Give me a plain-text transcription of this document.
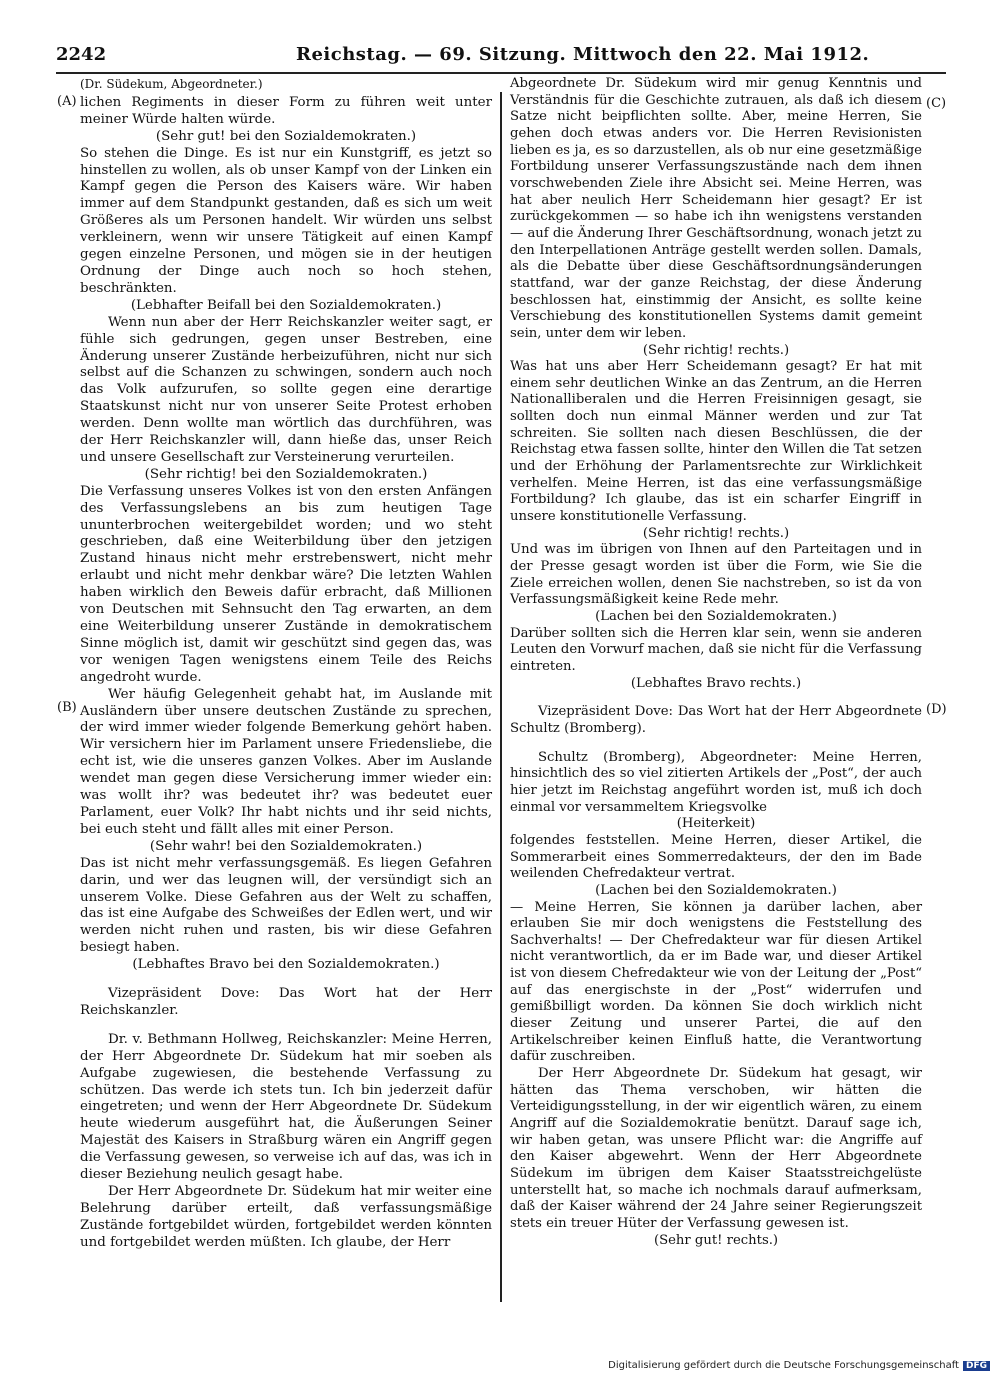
2242	Reichstag. — 69. Sitzung. Mittwoch den 22. Mai 1912.
(A)
(B)
(C)
(D)

(Dr. Südekum, Abgeordneter.)

lichen Regiments in dieser Form zu führen weit unter meiner Würde halten würde.

(Sehr gut! bei den Sozialdemokraten.)

So stehen die Dinge. Es ist nur ein Kunstgriff, es jetzt so hinstellen zu wollen, als ob unser Kampf von der Linken ein Kampf gegen die Person des Kaisers wäre. Wir haben immer auf dem Standpunkt gestanden, daß es sich um weit Größeres als um Personen handelt. Wir würden uns selbst verkleinern, wenn wir unsere Tätigkeit auf einen Kampf gegen einzelne Personen, und mögen sie in der heutigen Ordnung der Dinge auch noch so hoch stehen, beschränkten.

(Lebhafter Beifall bei den Sozialdemokraten.)

Wenn nun aber der Herr Reichskanzler weiter sagt, er fühle sich gedrungen, gegen unser Bestreben, eine Änderung unserer Zustände herbeizuführen, nicht nur sich selbst auf die Schanzen zu schwingen, sondern auch noch das Volk aufzurufen, so sollte gegen eine derartige Staatskunst nicht nur von unserer Seite Protest erhoben werden. Denn wollte man wörtlich das durchführen, was der Herr Reichskanzler will, dann hieße das, unser Reich und unsere Gesellschaft zur Versteinerung verurteilen.

(Sehr richtig! bei den Sozialdemokraten.)

Die Verfassung unseres Volkes ist von den ersten Anfängen des Verfassungslebens an bis zum heutigen Tage ununterbrochen weitergebildet worden; und wo steht geschrieben, daß eine Weiterbildung über den jetzigen Zustand hinaus nicht mehr erstrebenswert, nicht mehr erlaubt und nicht mehr denkbar wäre? Die letzten Wahlen haben wirklich den Beweis dafür erbracht, daß Millionen von Deutschen mit Sehnsucht den Tag erwarten, an dem eine Weiterbildung unserer Zustände in demokratischem Sinne möglich ist, damit wir geschützt sind gegen das, was vor wenigen Tagen wenigstens einem Teile des Reichs angedroht wurde.

Wer häufig Gelegenheit gehabt hat, im Auslande mit Ausländern über unsere deutschen Zustände zu sprechen, der wird immer wieder folgende Bemerkung gehört haben. Wir versichern hier im Parlament unsere Friedensliebe, die echt ist, wie die unseres ganzen Volkes. Aber im Auslande wendet man gegen diese Versicherung immer wieder ein: was wollt ihr? was bedeutet ihr? was bedeutet euer Parlament, euer Volk? Ihr habt nichts und ihr seid nichts, bei euch steht und fällt alles mit einer Person.

(Sehr wahr! bei den Sozialdemokraten.)

Das ist nicht mehr verfassungsgemäß. Es liegen Gefahren darin, und wer das leugnen will, der versündigt sich an unserem Volke. Diese Gefahren aus der Welt zu schaffen, das ist eine Aufgabe des Schweißes der Edlen wert, und wir werden nicht ruhen und rasten, bis wir diese Gefahren besiegt haben.

(Lebhaftes Bravo bei den Sozialdemokraten.)

Vizepräsident Dove: Das Wort hat der Herr Reichskanzler.

Dr. v. Bethmann Hollweg, Reichskanzler: Meine Herren, der Herr Abgeordnete Dr. Südekum hat mir soeben als Aufgabe zugewiesen, die bestehende Verfassung zu schützen. Das werde ich stets tun. Ich bin jederzeit dafür eingetreten; und wenn der Herr Abgeordnete Dr. Südekum heute wiederum ausgeführt hat, die Äußerungen Seiner Majestät des Kaisers in Straßburg wären ein Angriff gegen die Verfassung gewesen, so verweise ich auf das, was ich in dieser Beziehung neulich gesagt habe.

Der Herr Abgeordnete Dr. Südekum hat mir weiter eine Belehrung darüber erteilt, daß verfassungsmäßige Zustände fortgebildet würden, fortgebildet werden könnten und fortgebildet werden müßten. Ich glaube, der Herr

Abgeordnete Dr. Südekum wird mir genug Kenntnis und Verständnis für die Geschichte zutrauen, als daß ich diesem Satze nicht beipflichten sollte. Aber, meine Herren, Sie gehen doch etwas anders vor. Die Herren Revisionisten lieben es ja, es so darzustellen, als ob nur eine gesetzmäßige Fortbildung unserer Verfassungszustände nach dem ihnen vorschwebenden Ziele ihre Absicht sei. Meine Herren, was hat aber neulich Herr Scheidemann hier gesagt? Er ist zurückgekommen — so habe ich ihn wenigstens verstanden — auf die Änderung Ihrer Geschäftsordnung, wonach jetzt zu den Interpellationen Anträge gestellt werden sollen. Damals, als die Debatte über diese Geschäftsordnungsänderungen stattfand, war der ganze Reichstag, der diese Änderung beschlossen hat, einstimmig der Ansicht, es sollte keine Verschiebung des konstitutionellen Systems damit gemeint sein, unter dem wir leben.

(Sehr richtig! rechts.)

Was hat uns aber Herr Scheidemann gesagt? Er hat mit einem sehr deutlichen Winke an das Zentrum, an die Herren Nationalliberalen und die Herren Freisinnigen gesagt, sie sollten doch nun einmal Männer werden und zur Tat schreiten. Sie sollten nach diesen Beschlüssen, die der Reichstag etwa fassen sollte, hinter den Willen die Tat setzen und der Erhöhung der Parlamentsrechte zur Wirklichkeit verhelfen. Meine Herren, ist das eine verfassungsmäßige Fortbildung? Ich glaube, das ist ein scharfer Eingriff in unsere konstitutionelle Verfassung.

(Sehr richtig! rechts.)

Und was im übrigen von Ihnen auf den Parteitagen und in der Presse gesagt worden ist über die Form, wie Sie die Ziele erreichen wollen, denen Sie nachstreben, so ist da von Verfassungsmäßigkeit keine Rede mehr.

(Lachen bei den Sozialdemokraten.)

Darüber sollten sich die Herren klar sein, wenn sie anderen Leuten den Vorwurf machen, daß sie nicht für die Verfassung eintreten.

(Lebhaftes Bravo rechts.)

Vizepräsident Dove: Das Wort hat der Herr Abgeordnete Schultz (Bromberg).

Schultz (Bromberg), Abgeordneter: Meine Herren, hinsichtlich des so viel zitierten Artikels der „Post“, der auch hier jetzt im Reichstag angeführt worden ist, muß ich doch einmal vor versammeltem Kriegsvolke

(Heiterkeit)

folgendes feststellen. Meine Herren, dieser Artikel, die Sommerarbeit eines Sommerredakteurs, der den im Bade weilenden Chefredakteur vertrat.

(Lachen bei den Sozialdemokraten.)

— Meine Herren, Sie können ja darüber lachen, aber erlauben Sie mir doch wenigstens die Feststellung des Sachverhalts! — Der Chefredakteur war für diesen Artikel nicht verantwortlich, da er im Bade war, und dieser Artikel ist von diesem Chefredakteur wie von der Leitung der „Post“ auf das energischste in der „Post“ widerrufen und gemißbilligt worden. Da können Sie doch wirklich nicht dieser Zeitung und unserer Partei, die auf den Artikelschreiber keinen Einfluß hatte, die Verantwortung dafür zuschreiben.

Der Herr Abgeordnete Dr. Südekum hat gesagt, wir hätten das Thema verschoben, wir hätten die Verteidigungsstellung, in der wir eigentlich wären, zu einem Angriff auf die Sozialdemokratie benützt. Darauf sage ich, wir haben getan, was unsere Pflicht war: die Angriffe auf den Kaiser abgewehrt. Wenn der Herr Abgeordnete Südekum im übrigen dem Kaiser Staatsstreichgelüste unterstellt hat, so mache ich nochmals darauf aufmerksam, daß der Kaiser während der 24 Jahre seiner Regierungszeit stets ein treuer Hüter der Verfassung gewesen ist.

(Sehr gut! rechts.)

Digitalisierung gefördert durch die Deutsche Forschungsgemeinschaft DFG
